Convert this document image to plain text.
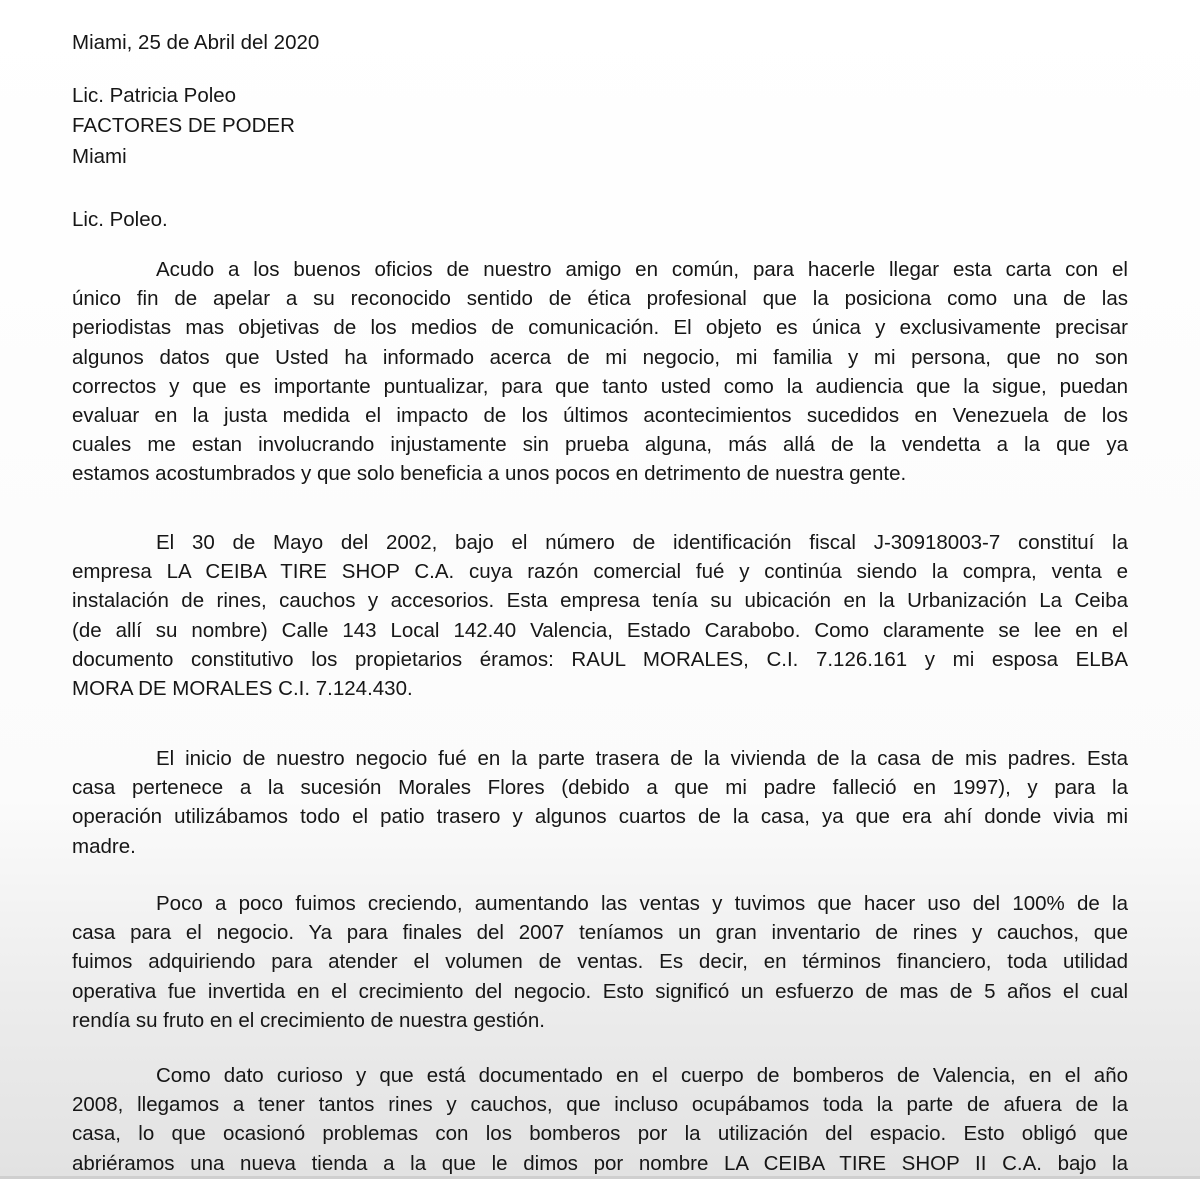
Miami, 25 de Abril del 2020
Lic. Patricia Poleo
FACTORES DE PODER
Miami
Lic. Poleo.
Acudo a los buenos oficios de nuestro amigo en común, para hacerle llegar esta carta con el
único fin de apelar a su reconocido sentido de ética profesional que la posiciona como una de las
periodistas mas objetivas de los medios de comunicación. El objeto es única y exclusivamente precisar
algunos datos que Usted ha informado acerca de mi negocio, mi familia y mi persona, que no son
correctos y que es importante puntualizar, para que tanto usted como la audiencia que la sigue, puedan
evaluar en la justa medida el impacto de los últimos acontecimientos sucedidos en Venezuela de los
cuales me estan involucrando injustamente sin prueba alguna, más allá de la vendetta a la que ya
estamos acostumbrados y que solo beneficia a unos pocos en detrimento de nuestra gente.
El 30 de Mayo del 2002, bajo el número de identificación fiscal J-30918003-7 constituí la
empresa LA CEIBA TIRE SHOP C.A. cuya razón comercial fué y continúa siendo la compra, venta e
instalación de rines, cauchos y accesorios. Esta empresa tenía su ubicación en la Urbanización La Ceiba
(de allí su nombre) Calle 143 Local 142.40 Valencia, Estado Carabobo. Como claramente se lee en el
documento constitutivo los propietarios éramos: RAUL MORALES, C.I. 7.126.161 y mi esposa ELBA
MORA DE MORALES C.I. 7.124.430.
El inicio de nuestro negocio fué en la parte trasera de la vivienda de la casa de mis padres. Esta
casa pertenece a la sucesión Morales Flores (debido a que mi padre falleció en 1997), y para la
operación utilizábamos todo el patio trasero y algunos cuartos de la casa, ya que era ahí donde vivia mi
madre.
Poco a poco fuimos creciendo, aumentando las ventas y tuvimos que hacer uso del 100% de la
casa para el negocio. Ya para finales del 2007 teníamos un gran inventario de rines y cauchos, que
fuimos adquiriendo para atender el volumen de ventas. Es decir, en términos financiero, toda utilidad
operativa fue invertida en el crecimiento del negocio. Esto significó un esfuerzo de mas de 5 años el cual
rendía su fruto en el crecimiento de nuestra gestión.
Como dato curioso y que está documentado en el cuerpo de bomberos de Valencia, en el año
2008, llegamos a tener tantos rines y cauchos, que incluso ocupábamos toda la parte de afuera de la
casa, lo que ocasionó problemas con los bomberos por la utilización del espacio. Esto obligó que
abriéramos una nueva tienda a la que le dimos por nombre LA CEIBA TIRE SHOP II C.A. bajo la
